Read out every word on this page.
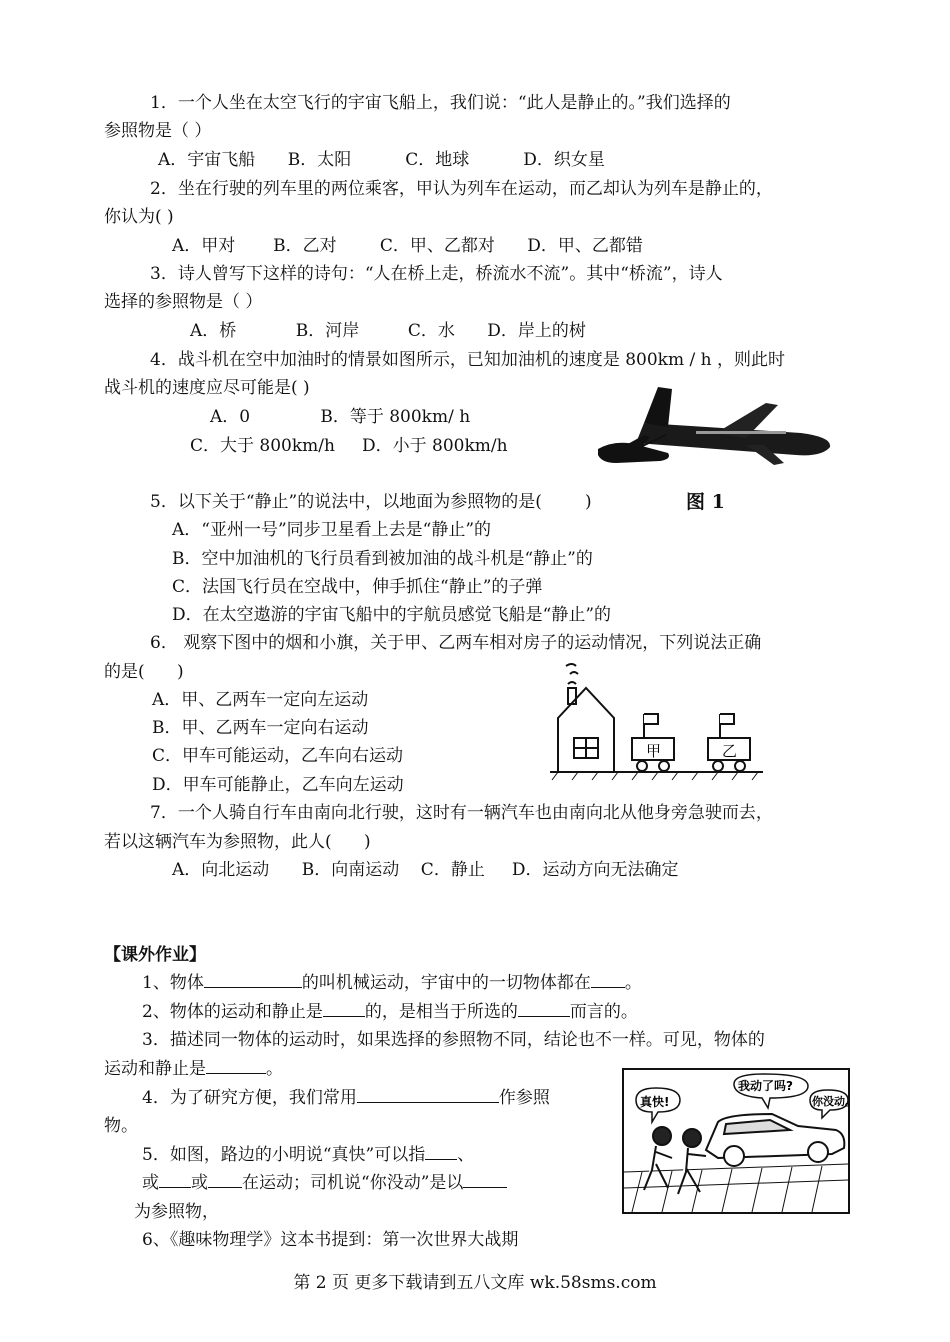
1．一个人坐在太空飞行的宇宙飞船上，我们说：“此人是静止的。”我们选择的
参照物是（ ）
A．宇宙飞船      B．太阳          C．地球          D．织女星
2．坐在行驶的列车里的两位乘客，甲认为列车在运动，而乙却认为列车是静止的，
你认为( )
A．甲对       B．乙对        C．甲、乙都对      D．甲、乙都错
3．诗人曾写下这样的诗句：“人在桥上走，桥流水不流”。其中“桥流”，诗人
选择的参照物是（ ）
A．桥           B．河岸         C．水      D．岸上的树
4．战斗机在空中加油时的情景如图所示，已知加油机的速度是 800km / h ，则此时
战斗机的速度应尽可能是( )
A．0             B．等于 800km/ h
C．大于 800km/h     D．小于 800km/h
图 1
5．以下关于“静止”的说法中，以地面为参照物的是(        )
A．“亚州一号”同步卫星看上去是“静止”的
B．空中加油机的飞行员看到被加油的战斗机是“静止”的
C．法国飞行员在空战中，伸手抓住“静止”的子弹
D．在太空遨游的宇宙飞船中的宇航员感觉飞船是“静止”的
6． 观察下图中的烟和小旗，关于甲、乙两车相对房子的运动情况，下列说法正确
的是(      )
A．甲、乙两车一定向左运动
B．甲、乙两车一定向右运动
C．甲车可能运动，乙车向右运动
D．甲车可能静止，乙车向左运动
甲	乙
7．一个人骑自行车由南向北行驶，这时有一辆汽车也由南向北从他身旁急驶而去，
若以这辆汽车为参照物，此人(      )
A．向北运动      B．向南运动    C．静止     D．运动方向无法确定
【课外作业】
1、物体	的叫机械运动，宇宙中的一切物体都在 。
2、物体的运动和静止是 的，是相当于所选的	而言的。
3．描述同一物体的运动时，如果选择的参照物不同，结论也不一样。可见，物体的
运动和静止是	。
4．为了研究方便，我们常用	作参照
物。
5．如图，路边的小明说“真快”可以指 、
或 或 在运动；司机说“你没动”是以
为参照物，
6、《趣味物理学》这本书提到：第一次世界大战期
真快!
我动了吗?
你没动。
第 2 页 更多下载请到五八文库 wk.58sms.com
